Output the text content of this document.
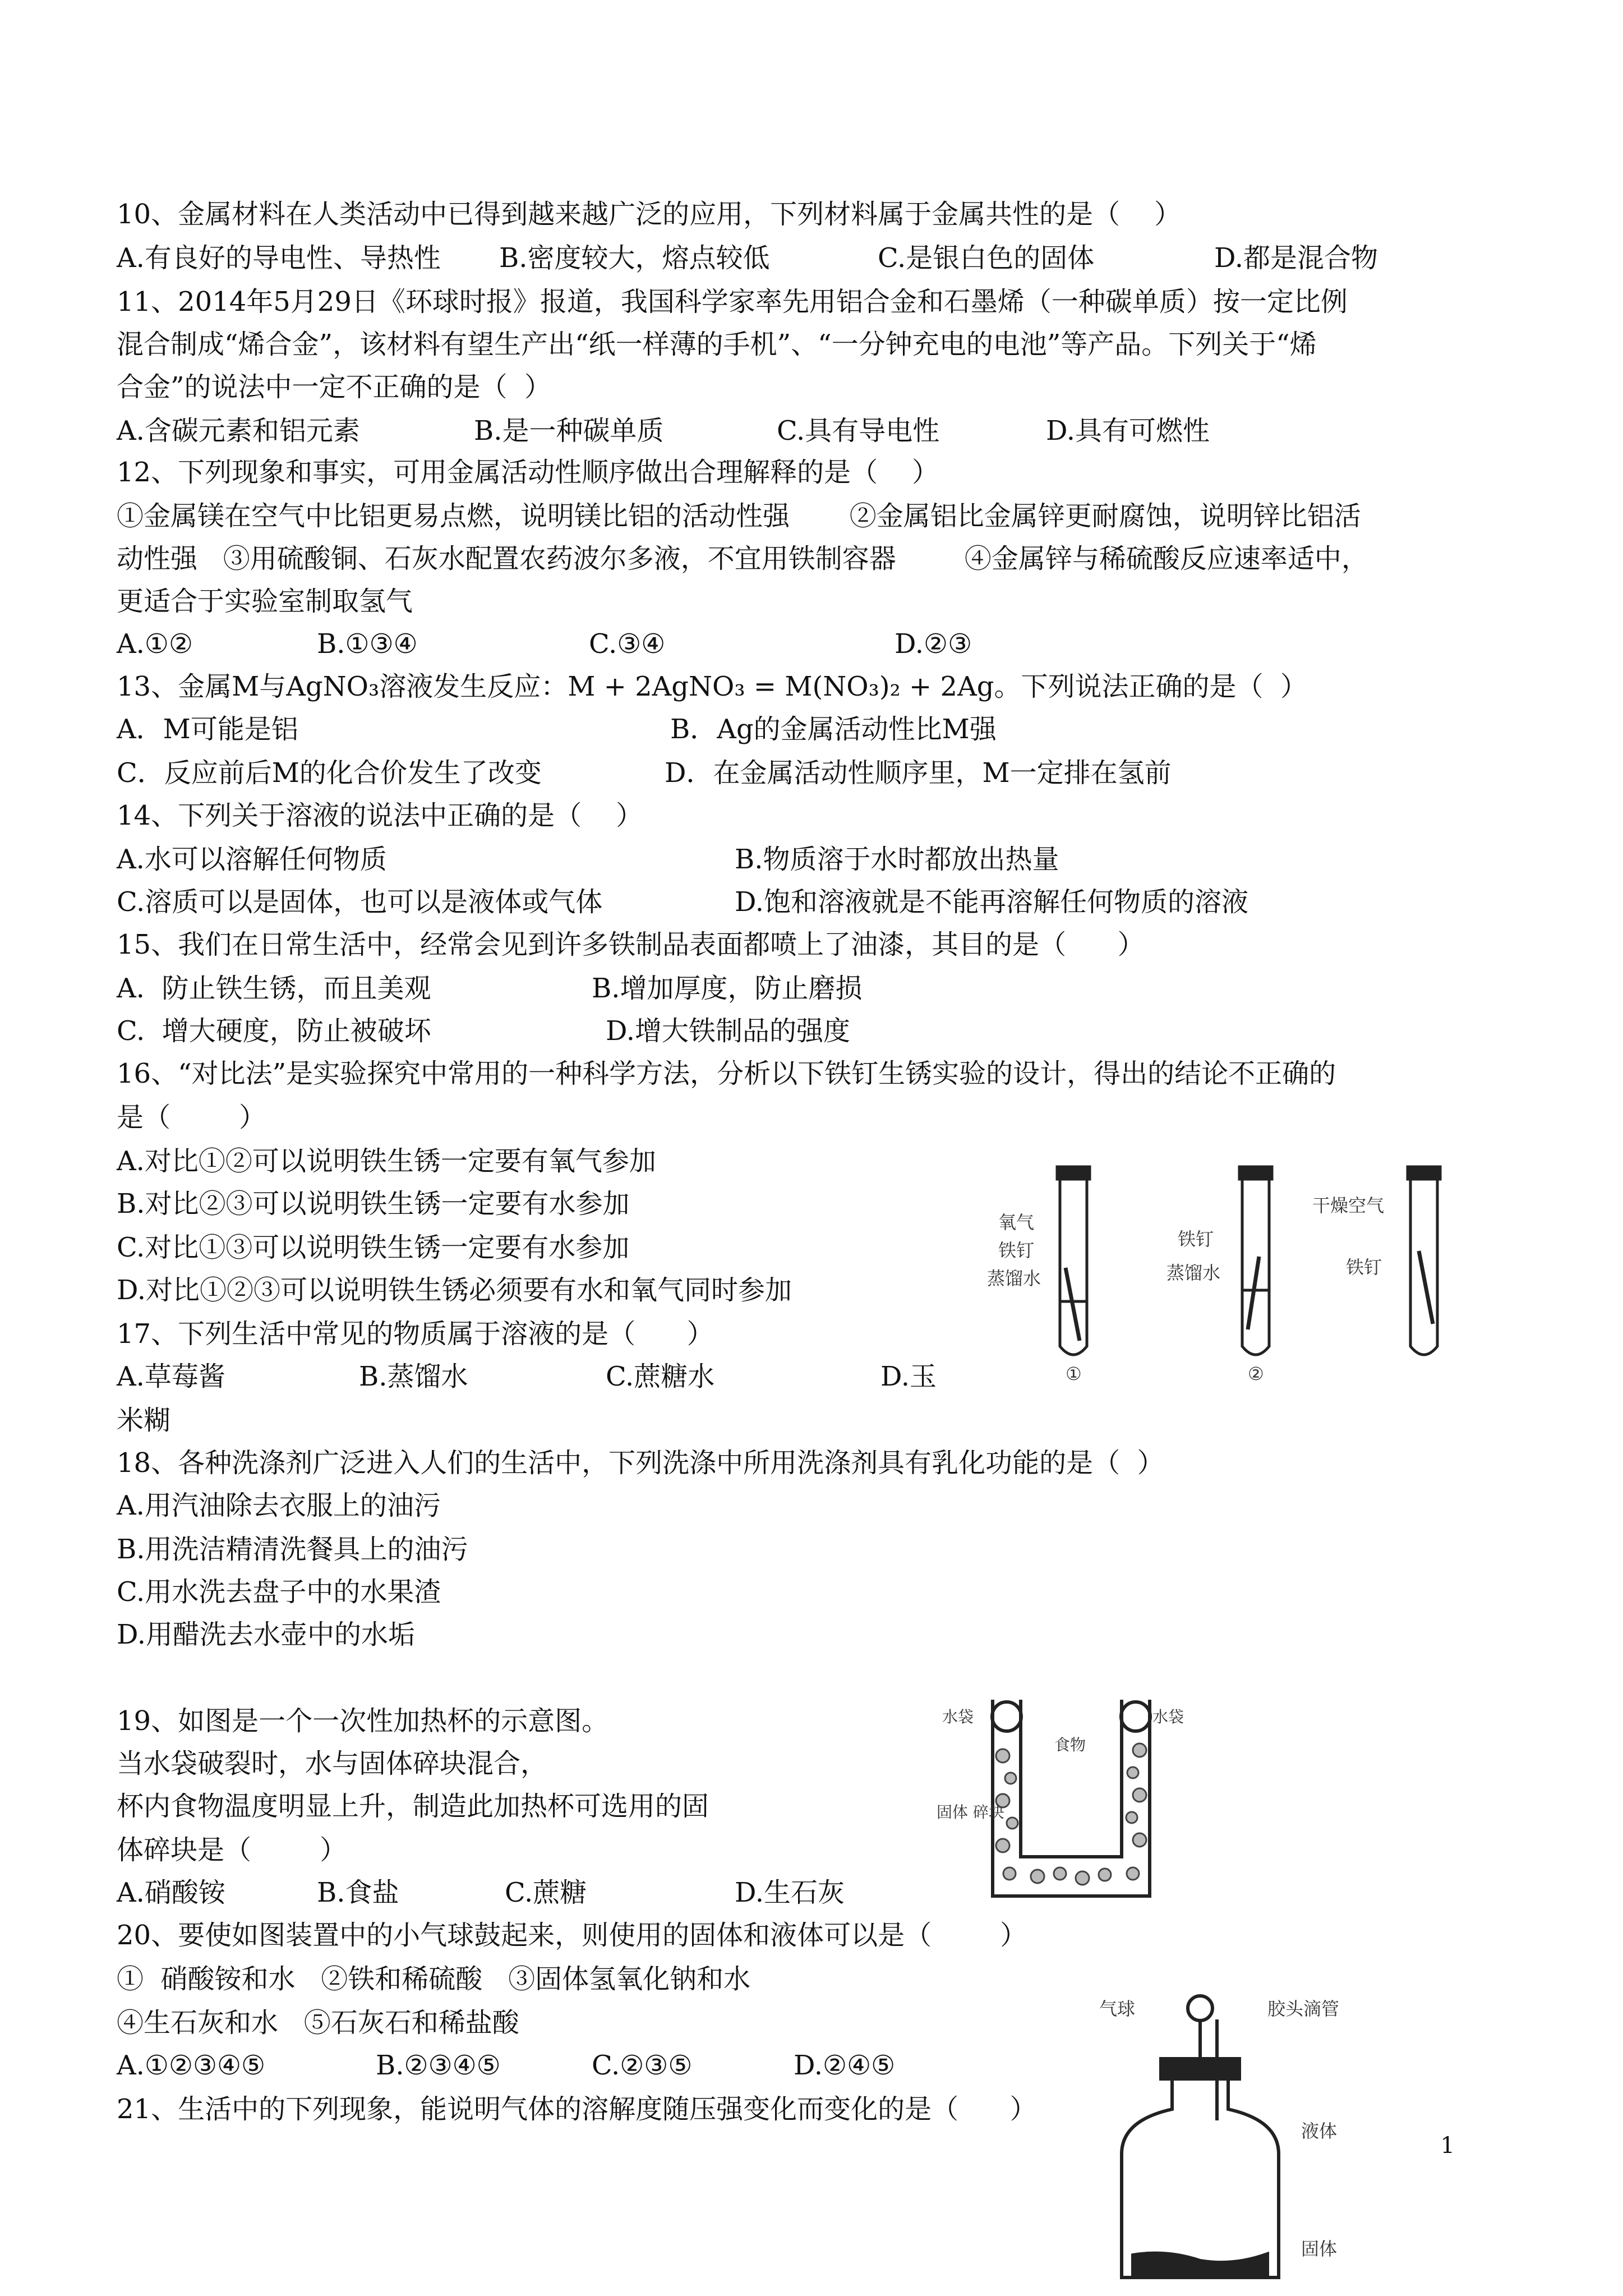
10、金属材料在人类活动中已得到越来越广泛的应用，下列材料属于金属共性的是（    ）
A.有良好的导电性、导热性 B.密度较大，熔点较低	C.是银白色的固体	D.都是混合物
11、2014年5月29日《环球时报》报道，我国科学家率先用铝合金和石墨烯（一种碳单质）按一定比例
混合制成“烯合金”，该材料有望生产出“纸一样薄的手机”、“一分钟充电的电池”等产品。下列关于“烯
合金”的说法中一定不正确的是（  ）
A.含碳元素和铝元素	B.是一种碳单质	C.具有导电性	D.具有可燃性
12、下列现象和事实，可用金属活动性顺序做出合理解释的是（    ）
①金属镁在空气中比铝更易点燃，说明镁比铝的活动性强       ②金属铝比金属锌更耐腐蚀，说明锌比铝活
动性强   ③用硫酸铜、石灰水配置农药波尔多液，不宜用铁制容器        ④金属锌与稀硫酸反应速率适中，
更适合于实验室制取氢气
A.①②	B.①③④	C.③④	D.②③
13、金属M与AgNO₃溶液发生反应：M + 2AgNO₃ = M(NO₃)₂ + 2Ag。下列说法正确的是（  ）
A．M可能是铝	B．Ag的金属活动性比M强
C．反应前后M的化合价发生了改变	D．在金属活动性顺序里，M一定排在氢前
14、下列关于溶液的说法中正确的是（    ）
A.水可以溶解任何物质	B.物质溶于水时都放出热量
C.溶质可以是固体，也可以是液体或气体	D.饱和溶液就是不能再溶解任何物质的溶液
15、我们在日常生活中，经常会见到许多铁制品表面都喷上了油漆，其目的是（      ）
A.  防止铁生锈，而且美观	B.增加厚度，防止磨损
C.  增大硬度，防止被破坏	D.增大铁制品的强度
16、“对比法”是实验探究中常用的一种科学方法，分析以下铁钉生锈实验的设计，得出的结论不正确的
是（        ）
A.对比①②可以说明铁生锈一定要有氧气参加
B.对比②③可以说明铁生锈一定要有水参加
C.对比①③可以说明铁生锈一定要有水参加
D.对比①②③可以说明铁生锈必须要有水和氧气同时参加
氧气
铁钉
蒸馏水
①
铁钉
蒸馏水
②
干燥空气
铁钉
17、下列生活中常见的物质属于溶液的是（      ）
A.草莓酱	B.蒸馏水	C.蔗糖水	D.玉
米糊
18、各种洗涤剂广泛进入人们的生活中，下列洗涤中所用洗涤剂具有乳化功能的是（  ）
A.用汽油除去衣服上的油污
B.用洗洁精清洗餐具上的油污
C.用水洗去盘子中的水果渣
D.用醋洗去水壶中的水垢
19、如图是一个一次性加热杯的示意图。
当水袋破裂时，水与固体碎块混合，
杯内食物温度明显上升，制造此加热杯可选用的固
体碎块是（        ）
A.硝酸铵	B.食盐	C.蔗糖	D.生石灰
水袋	水袋
食物
固体 碎块
20、要使如图装置中的小气球鼓起来，则使用的固体和液体可以是（        ）
①  硝酸铵和水   ②铁和稀硫酸   ③固体氢氧化钠和水
④生石灰和水   ⑤石灰石和稀盐酸
A.①②③④⑤	B.②③④⑤	C.②③⑤	D.②④⑤
气球	胶头滴管
液体
固体
21、生活中的下列现象，能说明气体的溶解度随压强变化而变化的是（      ）
1
